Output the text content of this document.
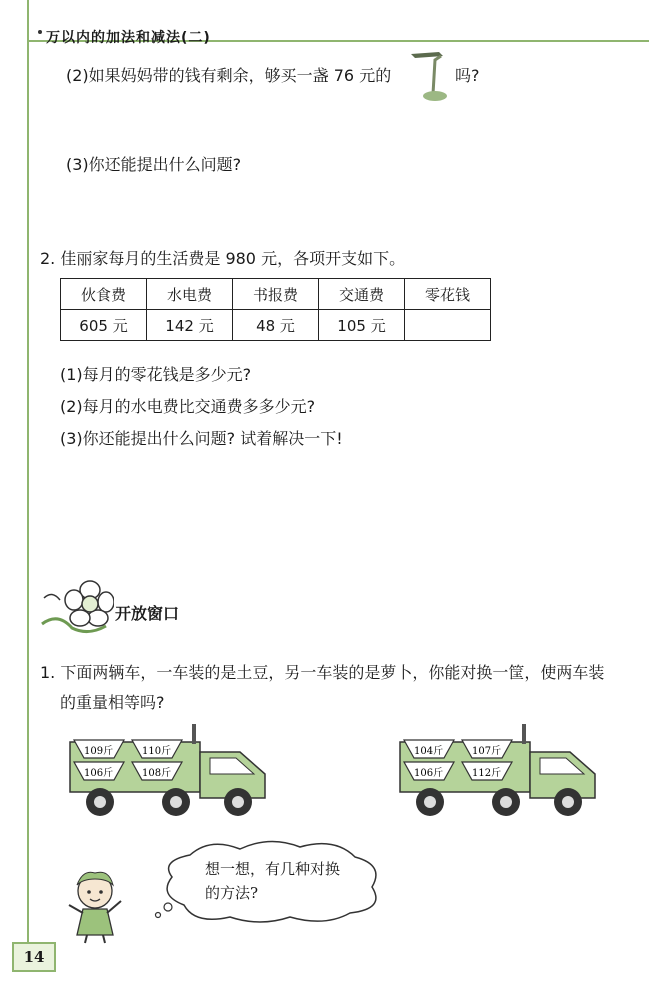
万以内的加法和减法(二)
(2)如果妈妈带的钱有剩余，够买一盏 76 元的	吗?
(3)你还能提出什么问题?
2. 佳丽家每月的生活费是 980 元，各项开支如下。
伙食费	水电费	书报费	交通费	零花钱
605 元	142 元	48 元	105 元	
(1)每月的零花钱是多少元?
(2)每月的水电费比交通费多多少元?
(3)你还能提出什么问题? 试着解决一下!
开放窗口
1. 下面两辆车，一车装的是土豆，另一车装的是萝卜，你能对换一筐，使两车装
的重量相等吗?
109斤	110斤
106斤	108斤
104斤	107斤
106斤	112斤
想一想，有几种对换
的方法?
14
